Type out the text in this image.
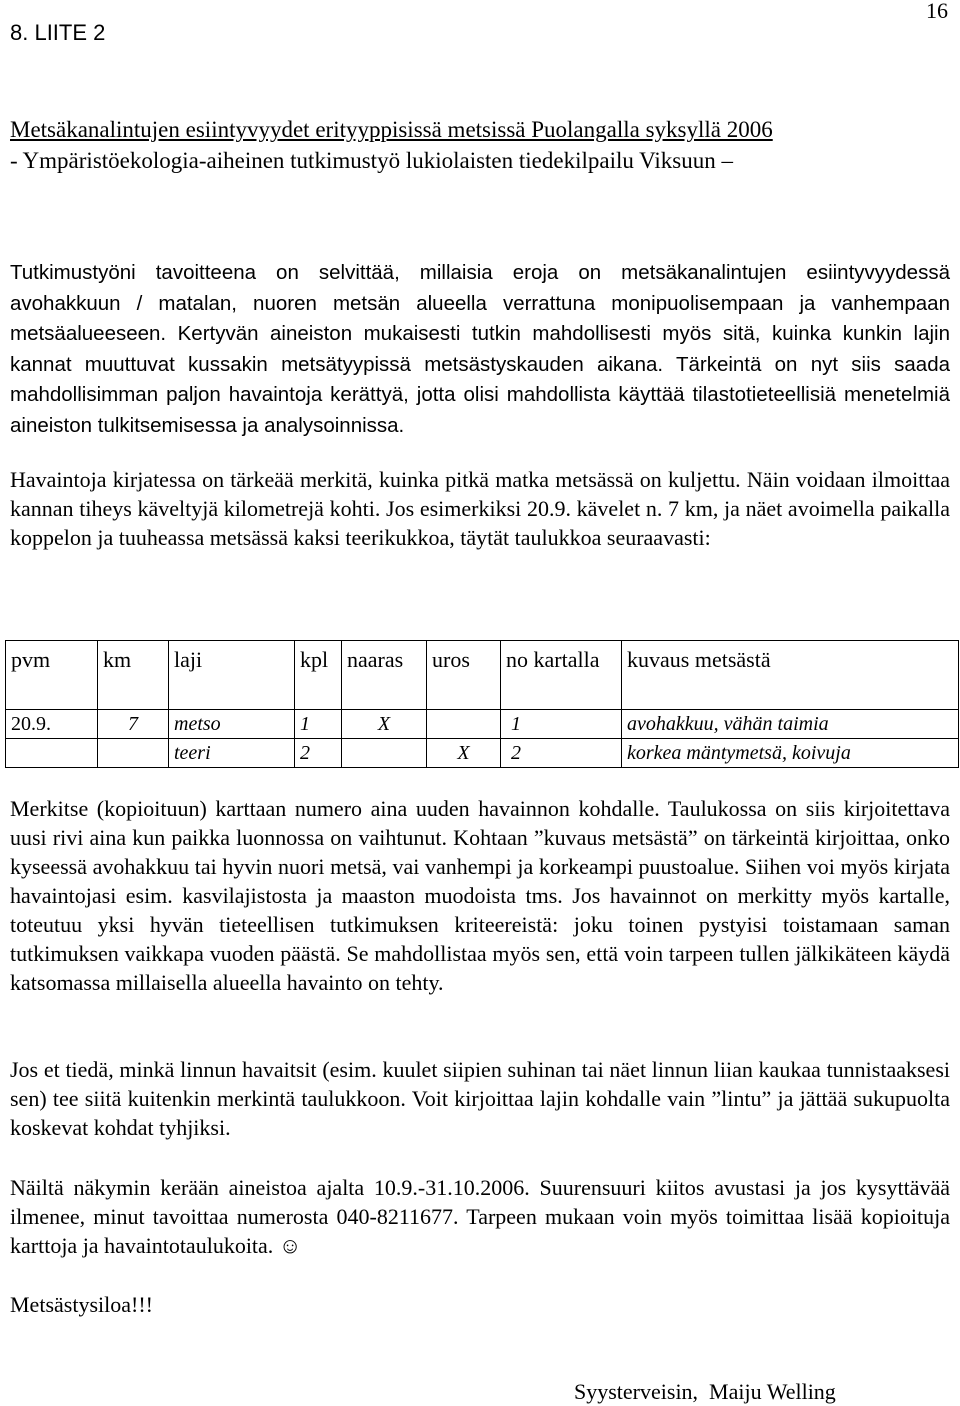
8. LIITE 2
16
Metsäkanalintujen esiintyvyydet erityyppisissä metsissä Puolangalla syksyllä 2006
- Ympäristöekologia-aiheinen tutkimustyö lukiolaisten tiedekilpailu Viksuun –
Tutkimustyöni tavoitteena on selvittää, millaisia eroja on metsäkanalintujen esiintyvyydessä avohakkuun / matalan, nuoren metsän alueella verrattuna monipuolisempaan ja vanhempaan metsäalueeseen. Kertyvän aineiston mukaisesti tutkin mahdollisesti myös sitä, kuinka kunkin lajin kannat muuttuvat kussakin metsätyypissä metsästyskauden aikana. Tärkeintä on nyt siis saada mahdollisimman paljon havaintoja kerättyä, jotta olisi mahdollista käyttää tilastotieteellisiä menetelmiä aineiston tulkitsemisessa ja analysoinnissa.
Havaintoja kirjatessa on tärkeää merkitä, kuinka pitkä matka metsässä on kuljettu. Näin voidaan ilmoittaa kannan tiheys käveltyjä kilometrejä kohti. Jos esimerkiksi 20.9. kävelet n. 7 km, ja näet avoimella paikalla koppelon ja tuuheassa metsässä kaksi teerikukkoa, täytät taulukkoa seuraavasti:
pvm	km	laji	kpl	naaras	uros	no kartalla	kuvaus metsästä
20.9.	7	metso	1	X		1	avohakkuu, vähän taimia
		teeri	2		X	2	korkea mäntymetsä, koivuja
Merkitse (kopioituun) karttaan numero aina uuden havainnon kohdalle. Taulukossa on siis kirjoitettava uusi rivi aina kun paikka luonnossa on vaihtunut. Kohtaan ”kuvaus metsästä” on tärkeintä kirjoittaa, onko kyseessä avohakkuu tai hyvin nuori metsä, vai vanhempi ja korkeampi puustoalue. Siihen voi myös kirjata havaintojasi esim. kasvilajistosta ja maaston muodoista tms. Jos havainnot on merkitty myös kartalle, toteutuu yksi hyvän tieteellisen tutkimuksen kriteereistä: joku toinen pystyisi toistamaan saman tutkimuksen vaikkapa vuoden päästä. Se mahdollistaa myös sen, että voin tarpeen tullen jälkikäteen käydä katsomassa millaisella alueella havainto on tehty.
Jos et tiedä, minkä linnun havaitsit (esim. kuulet siipien suhinan tai näet linnun liian kaukaa tunnistaaksesi sen) tee siitä kuitenkin merkintä taulukkoon. Voit kirjoittaa lajin kohdalle vain ”lintu” ja jättää sukupuolta koskevat kohdat tyhjiksi.
Näiltä näkymin kerään aineistoa ajalta 10.9.-31.10.2006. Suurensuuri kiitos avustasi ja jos kysyttävää ilmenee, minut tavoittaa numerosta 040-8211677. Tarpeen mukaan voin myös toimittaa lisää kopioituja karttoja ja havaintotaulukoita. ☺
Metsästysiloa!!!
Syysterveisin,  Maiju Welling
